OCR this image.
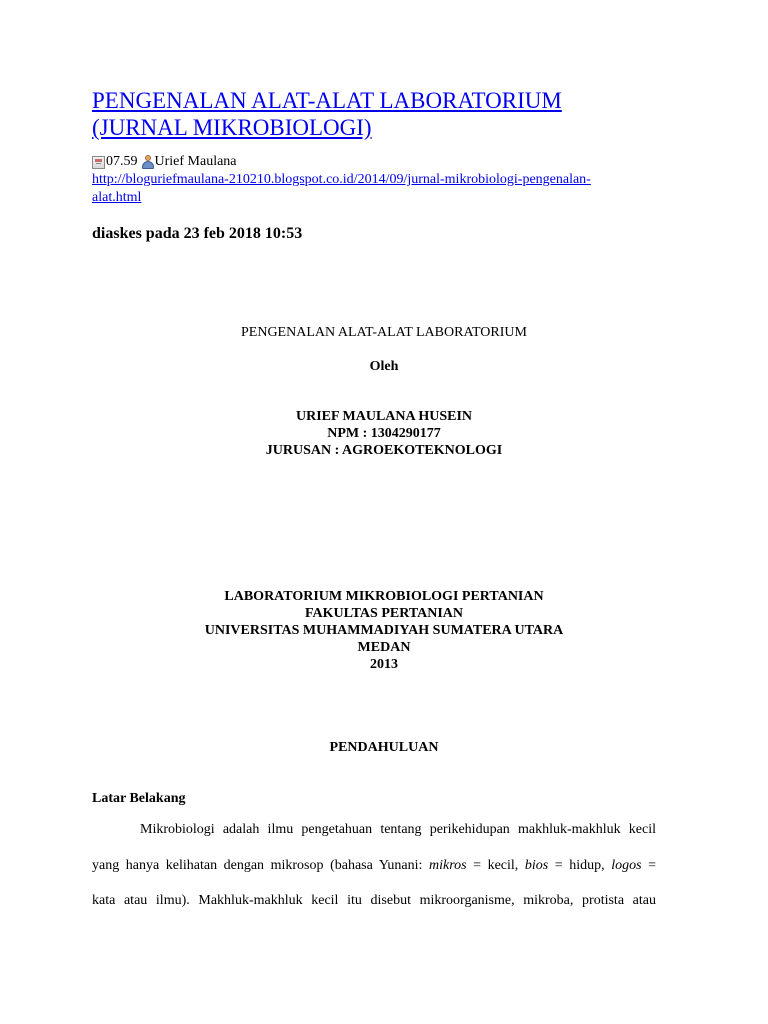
PENGENALAN ALAT-ALAT LABORATORIUM
(JURNAL MIKROBIOLOGI)
07.59 Urief Maulana
http://bloguriefmaulana-210210.blogspot.co.id/2014/09/jurnal-mikrobiologi-pengenalan-
alat.html
diaskes pada 23 feb 2018 10:53
PENGENALAN ALAT-ALAT LABORATORIUM
Oleh
URIEF MAULANA HUSEIN
NPM : 1304290177
JURUSAN : AGROEKOTEKNOLOGI
LABORATORIUM MIKROBIOLOGI PERTANIAN
FAKULTAS PERTANIAN
UNIVERSITAS MUHAMMADIYAH SUMATERA UTARA
MEDAN
2013
PENDAHULUAN
Latar Belakang
Mikrobiologi adalah ilmu pengetahuan tentang perikehidupan makhluk-makhluk kecil
yang hanya kelihatan dengan mikrosop (bahasa Yunani: mikros = kecil, bios = hidup, logos =
kata atau ilmu). Makhluk-makhluk kecil itu disebut mikroorganisme, mikroba, protista atau
